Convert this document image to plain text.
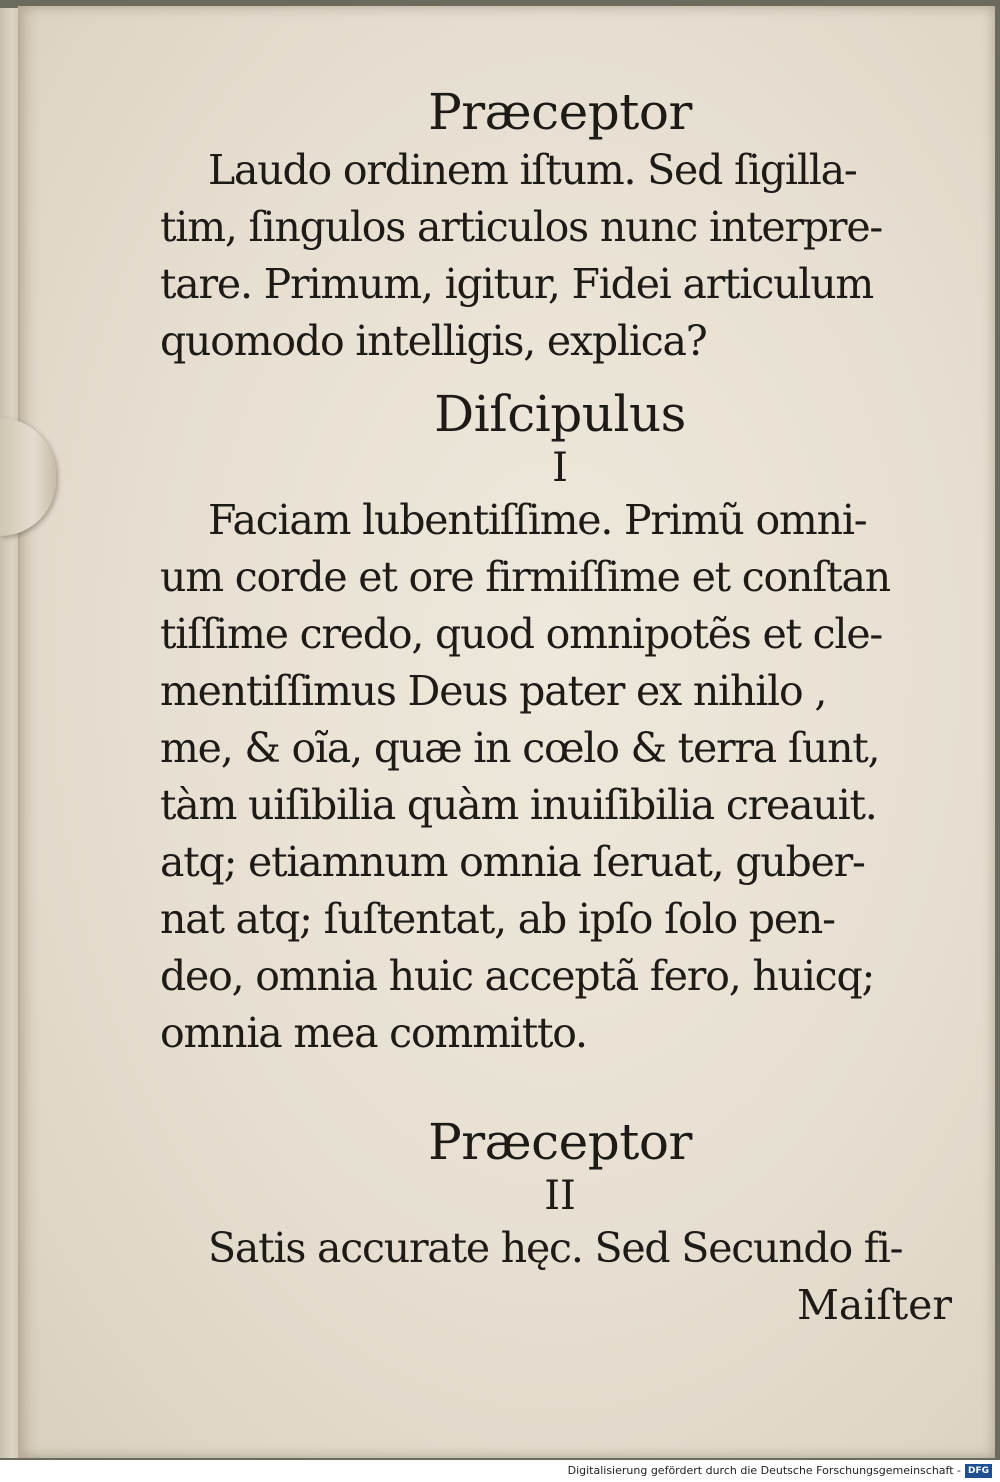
Præceptor

Laudo ordinem iſtum. Sed ſigilla-

tim, ſingulos articulos nunc interpre-

tare. Primum, igitur, Fidei articulum

quomodo intelligis, explica?

Diſcipulus

I

Faciam lubentiſſime. Primũ omni-

um corde et ore firmiſſime et conſtan

tiſſime credo, quod omnipotẽs et cle-

mentiſſimus Deus pater ex nihilo ,

me, & oĩa, quæ in cœlo & terra ſunt,

tàm uiſibilia quàm inuiſibilia creauit.

atq; etiamnum omnia ſeruat, guber-

nat atq; ſuſtentat, ab ipſo ſolo pen-

deo, omnia huic acceptã fero, huicq;

omnia mea committo.

Præceptor

II

Satis accurate hęc. Sed Secundo fi-

Maiſter

Digitalisierung gefördert durch die Deutsche Forschungsgemeinschaft - DFG
